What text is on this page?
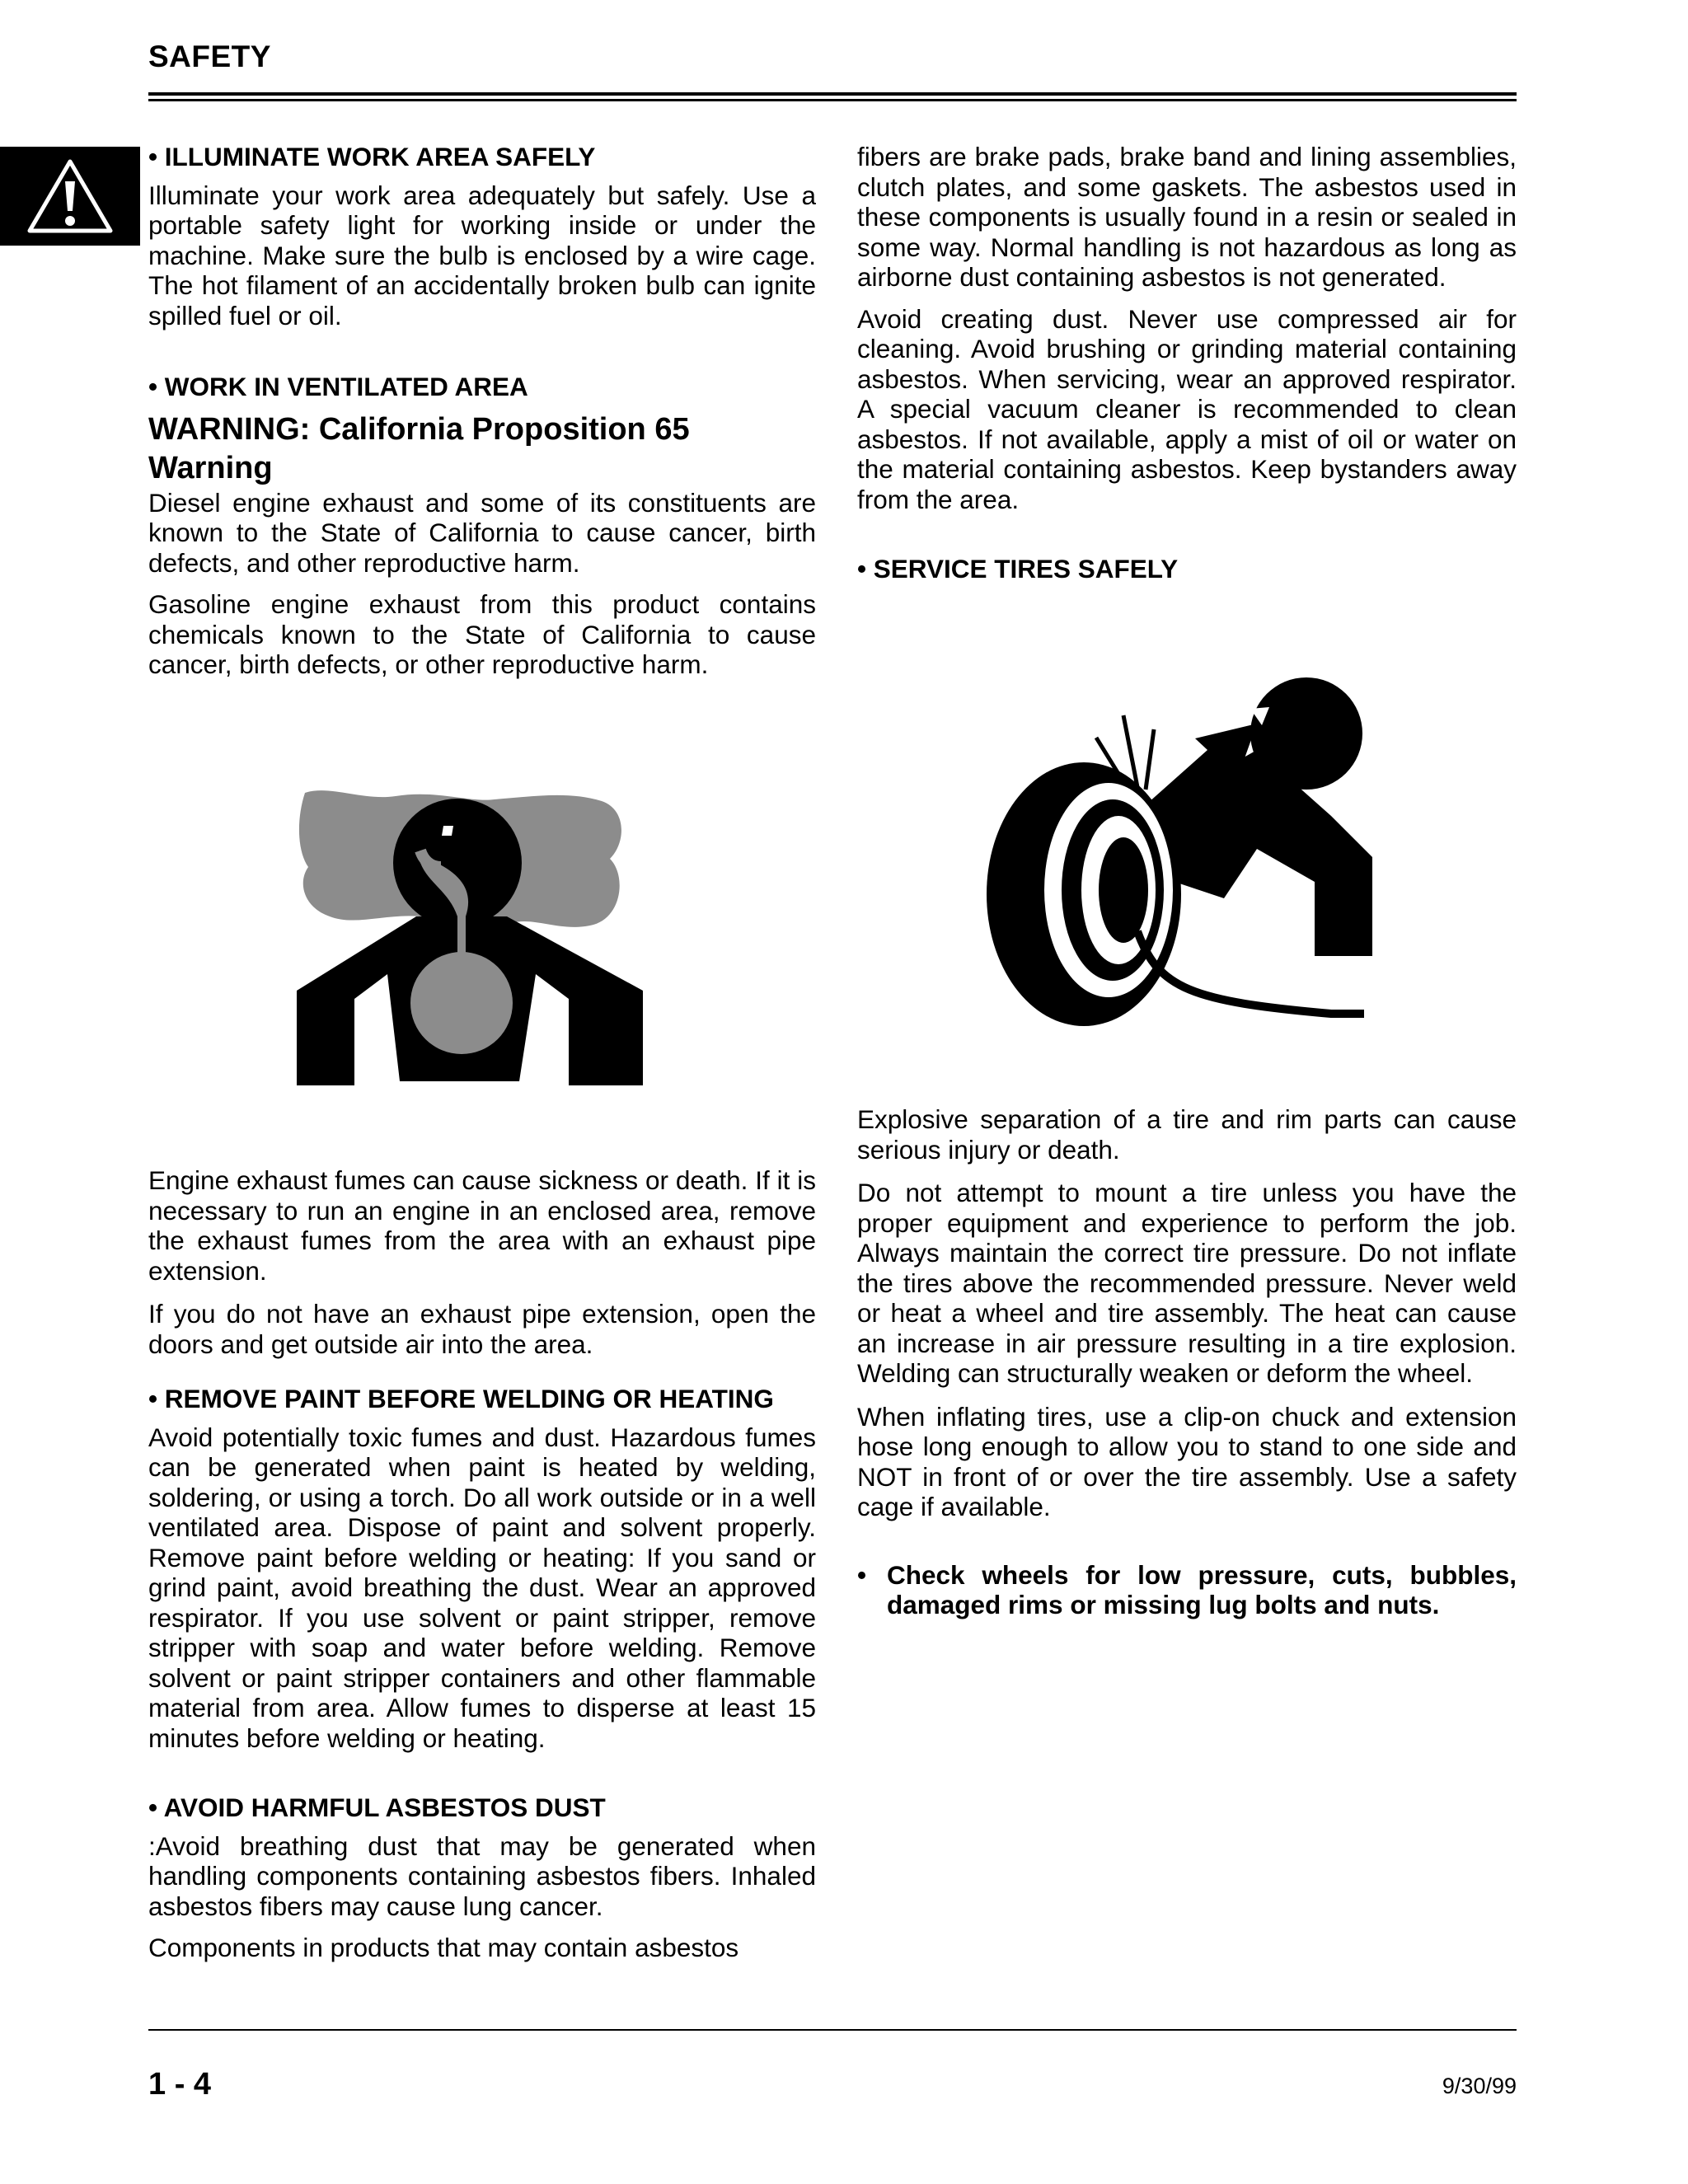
SAFETY

• ILLUMINATE WORK AREA SAFELY

Illuminate your work area adequately but safely. Use a portable safety light for working inside or under the machine. Make sure the bulb is enclosed by a wire cage. The hot filament of an accidentally broken bulb can ignite spilled fuel or oil.

• WORK IN VENTILATED AREA

WARNING: California Proposition 65 Warning

Diesel engine exhaust and some of its constituents are known to the State of California to cause cancer, birth defects, and other reproductive harm.

Gasoline engine exhaust from this product contains chemicals known to the State of California to cause cancer, birth defects, or other reproductive harm.

Engine exhaust fumes can cause sickness or death. If it is necessary to run an engine in an enclosed area, remove the exhaust fumes from the area with an exhaust pipe extension.

If you do not have an exhaust pipe extension, open the doors and get outside air into the area.

• REMOVE PAINT BEFORE WELDING OR HEATING

Avoid potentially toxic fumes and dust. Hazardous fumes can be generated when paint is heated by welding, soldering, or using a torch. Do all work outside or in a well ventilated area. Dispose of paint and solvent properly. Remove paint before welding or heating: If you sand or grind paint, avoid breathing the dust. Wear an approved respirator. If you use solvent or paint stripper, remove stripper with soap and water before welding. Remove solvent or paint stripper containers and other flammable material from area. Allow fumes to disperse at least 15 minutes before welding or heating.

• AVOID HARMFUL ASBESTOS DUST

:Avoid breathing dust that may be generated when handling components containing asbestos fibers. Inhaled asbestos fibers may cause lung cancer.

Components in products that may contain asbestos

fibers are brake pads, brake band and lining assemblies, clutch plates, and some gaskets. The asbestos used in these components is usually found in a resin or sealed in some way. Normal handling is not hazardous as long as airborne dust containing asbestos is not generated.

Avoid creating dust. Never use compressed air for cleaning. Avoid brushing or grinding material containing asbestos. When servicing, wear an approved respirator. A special vacuum cleaner is recommended to clean asbestos. If not available, apply a mist of oil or water on the material containing asbestos. Keep bystanders away from the area.

• SERVICE TIRES SAFELY

Explosive separation of a tire and rim parts can cause serious injury or death.

Do not attempt to mount a tire unless you have the proper equipment and experience to perform the job. Always maintain the correct tire pressure. Do not inflate the tires above the recommended pressure. Never weld or heat a wheel and tire assembly. The heat can cause an increase in air pressure resulting in a tire explosion. Welding can structurally weaken or deform the wheel.

When inflating tires, use a clip-on chuck and extension hose long enough to allow you to stand to one side and NOT in front of or over the tire assembly. Use a safety cage if available.

• Check wheels for low pressure, cuts, bubbles, damaged rims or missing lug bolts and nuts.
1 - 4	9/30/99
